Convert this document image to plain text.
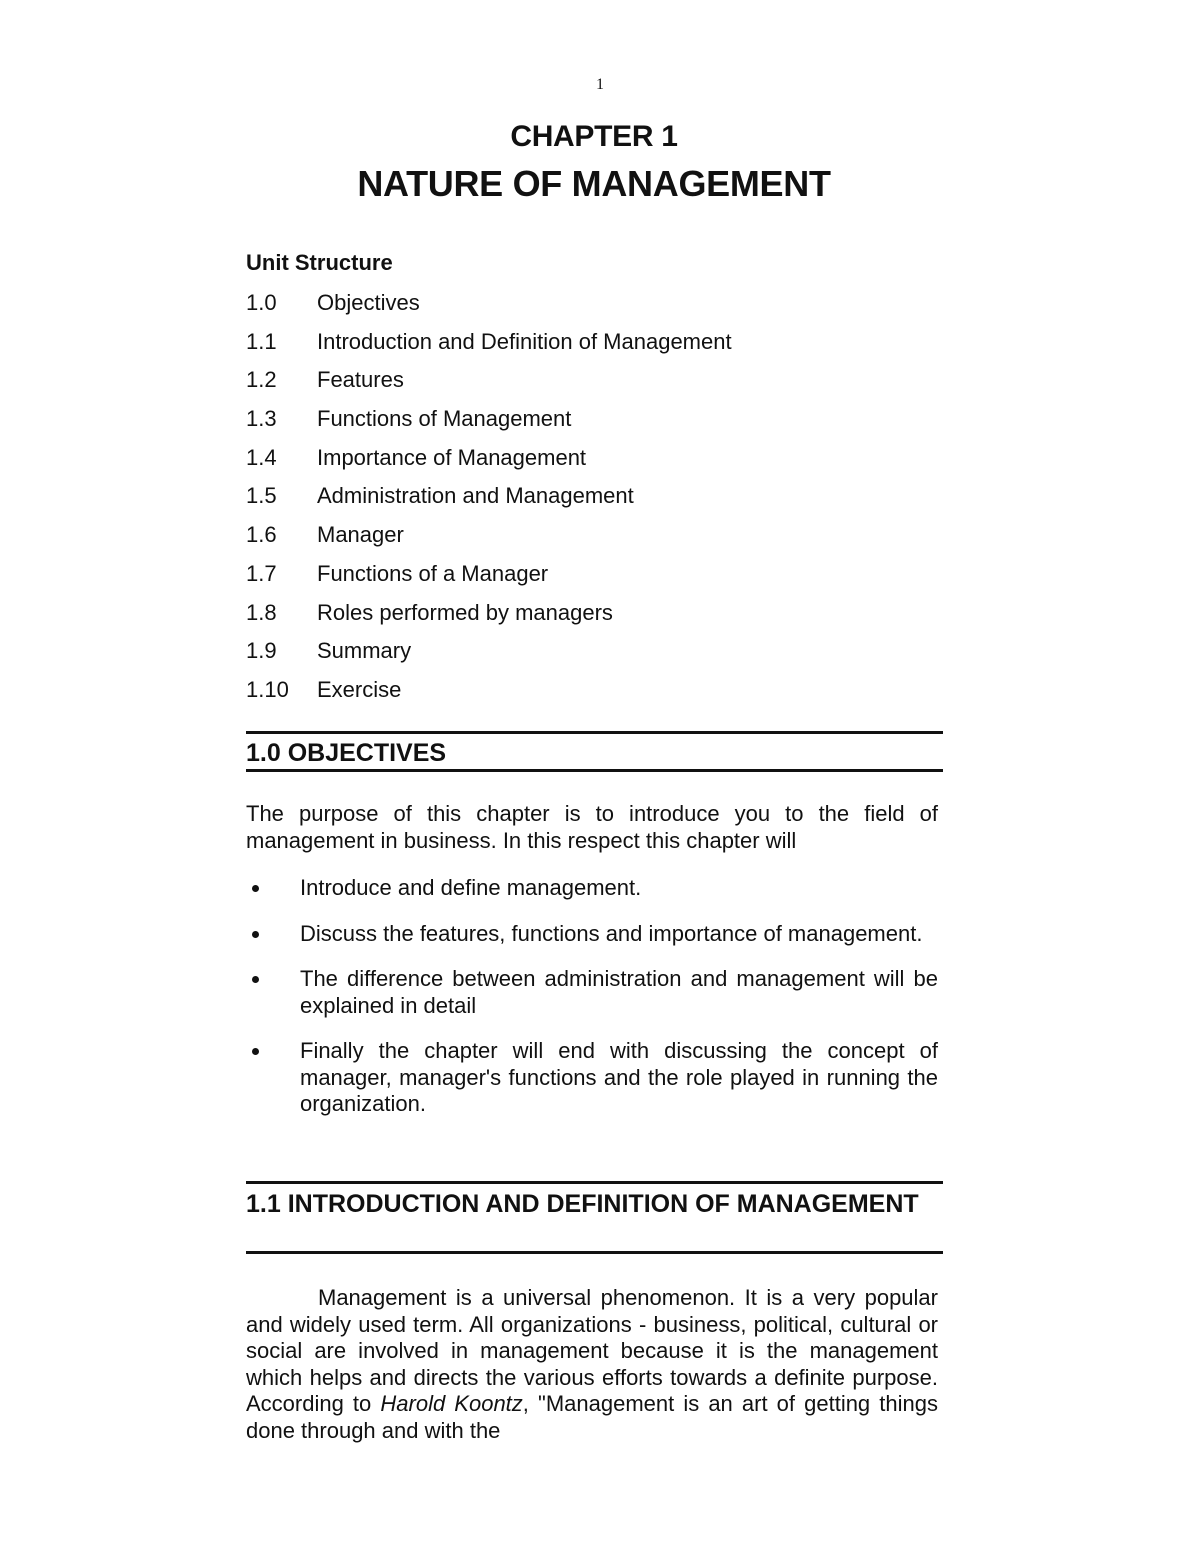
1
CHAPTER 1
NATURE OF MANAGEMENT
Unit Structure
1.0	Objectives
1.1	Introduction and Definition of Management
1.2	Features
1.3	Functions of Management
1.4	Importance of Management
1.5	Administration and Management
1.6	Manager
1.7	Functions of a Manager
1.8	Roles performed by managers
1.9	Summary
1.10	Exercise
1.0 OBJECTIVES
The purpose of this chapter is to introduce you to the field of management in business. In this respect this chapter will
Introduce and define management.
Discuss the features, functions and importance of management.
The difference between administration and management will be explained in detail
Finally the chapter will end with discussing the concept of manager, manager's functions and the role played in running the organization.
1.1 INTRODUCTION AND DEFINITION OF MANAGEMENT
Management is a universal phenomenon. It is a very popular and widely used term. All organizations - business, political, cultural or social are involved in management because it is the management which helps and directs the various efforts towards a definite purpose. According to Harold Koontz, "Management is an art of getting things done through and with the
